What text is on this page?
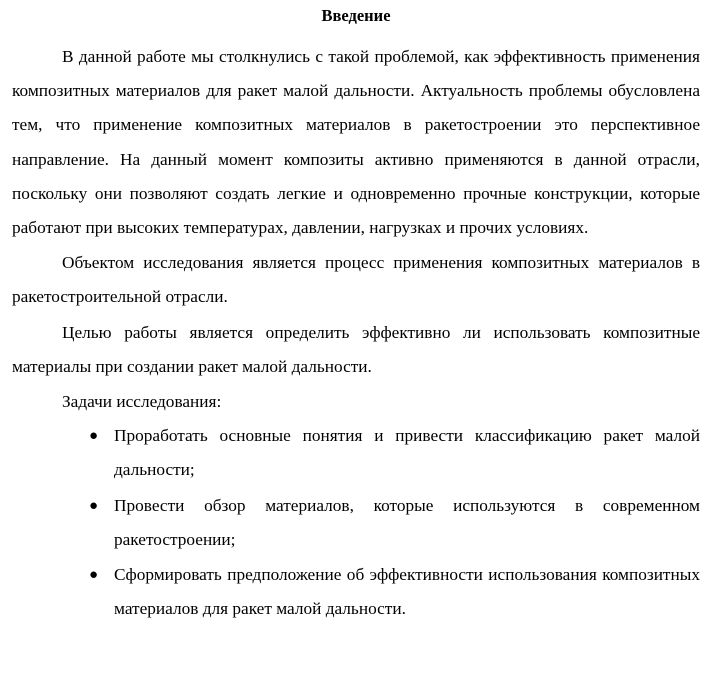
Введение

В данной работе мы столкнулись с такой проблемой, как эффективность применения композитных материалов для ракет малой дальности. Актуальность проблемы обусловлена тем, что применение композитных материалов в ракетостроении это перспективное направление. На данный момент композиты активно применяются в данной отрасли, поскольку они позволяют создать легкие и одновременно прочные конструкции, которые работают при высоких температурах, давлении, нагрузках и прочих условиях.

Объектом исследования является процесс применения композитных материалов в ракетостроительной отрасли.

Целью работы является определить эффективно ли использовать композитные материалы при создании ракет малой дальности.

Задачи исследования:

● Проработать основные понятия и привести классификацию ракет малой дальности;
● Провести обзор материалов, которые используются в современном ракетостроении;
● Сформировать предположение об эффективности использования композитных материалов для ракет малой дальности.
